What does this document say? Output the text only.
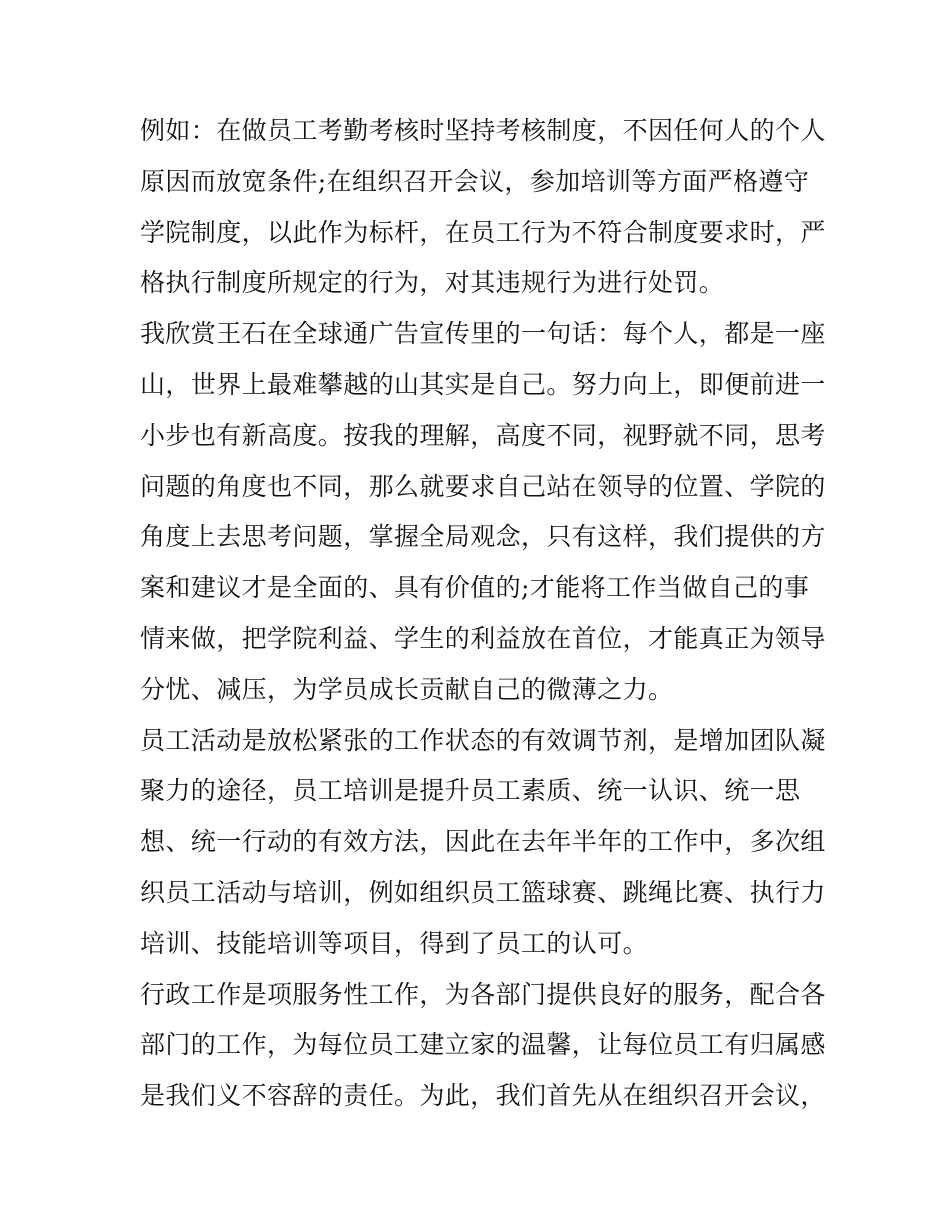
例如：在做员工考勤考核时坚持考核制度，不因任何人的个人
原因而放宽条件;在组织召开会议，参加培训等方面严格遵守
学院制度，以此作为标杆，在员工行为不符合制度要求时，严
格执行制度所规定的行为，对其违规行为进行处罚。
我欣赏王石在全球通广告宣传里的一句话：每个人，都是一座
山，世界上最难攀越的山其实是自己。努力向上，即便前进一
小步也有新高度。按我的理解，高度不同，视野就不同，思考
问题的角度也不同，那么就要求自己站在领导的位置、学院的
角度上去思考问题，掌握全局观念，只有这样，我们提供的方
案和建议才是全面的、具有价值的;才能将工作当做自己的事
情来做，把学院利益、学生的利益放在首位，才能真正为领导
分忧、减压，为学员成长贡献自己的微薄之力。
员工活动是放松紧张的工作状态的有效调节剂，是增加团队凝
聚力的途径，员工培训是提升员工素质、统一认识、统一思
想、统一行动的有效方法，因此在去年半年的工作中，多次组
织员工活动与培训，例如组织员工篮球赛、跳绳比赛、执行力
培训、技能培训等项目，得到了员工的认可。
行政工作是项服务性工作，为各部门提供良好的服务，配合各
部门的工作，为每位员工建立家的温馨，让每位员工有归属感
是我们义不容辞的责任。为此，我们首先从在组织召开会议，
